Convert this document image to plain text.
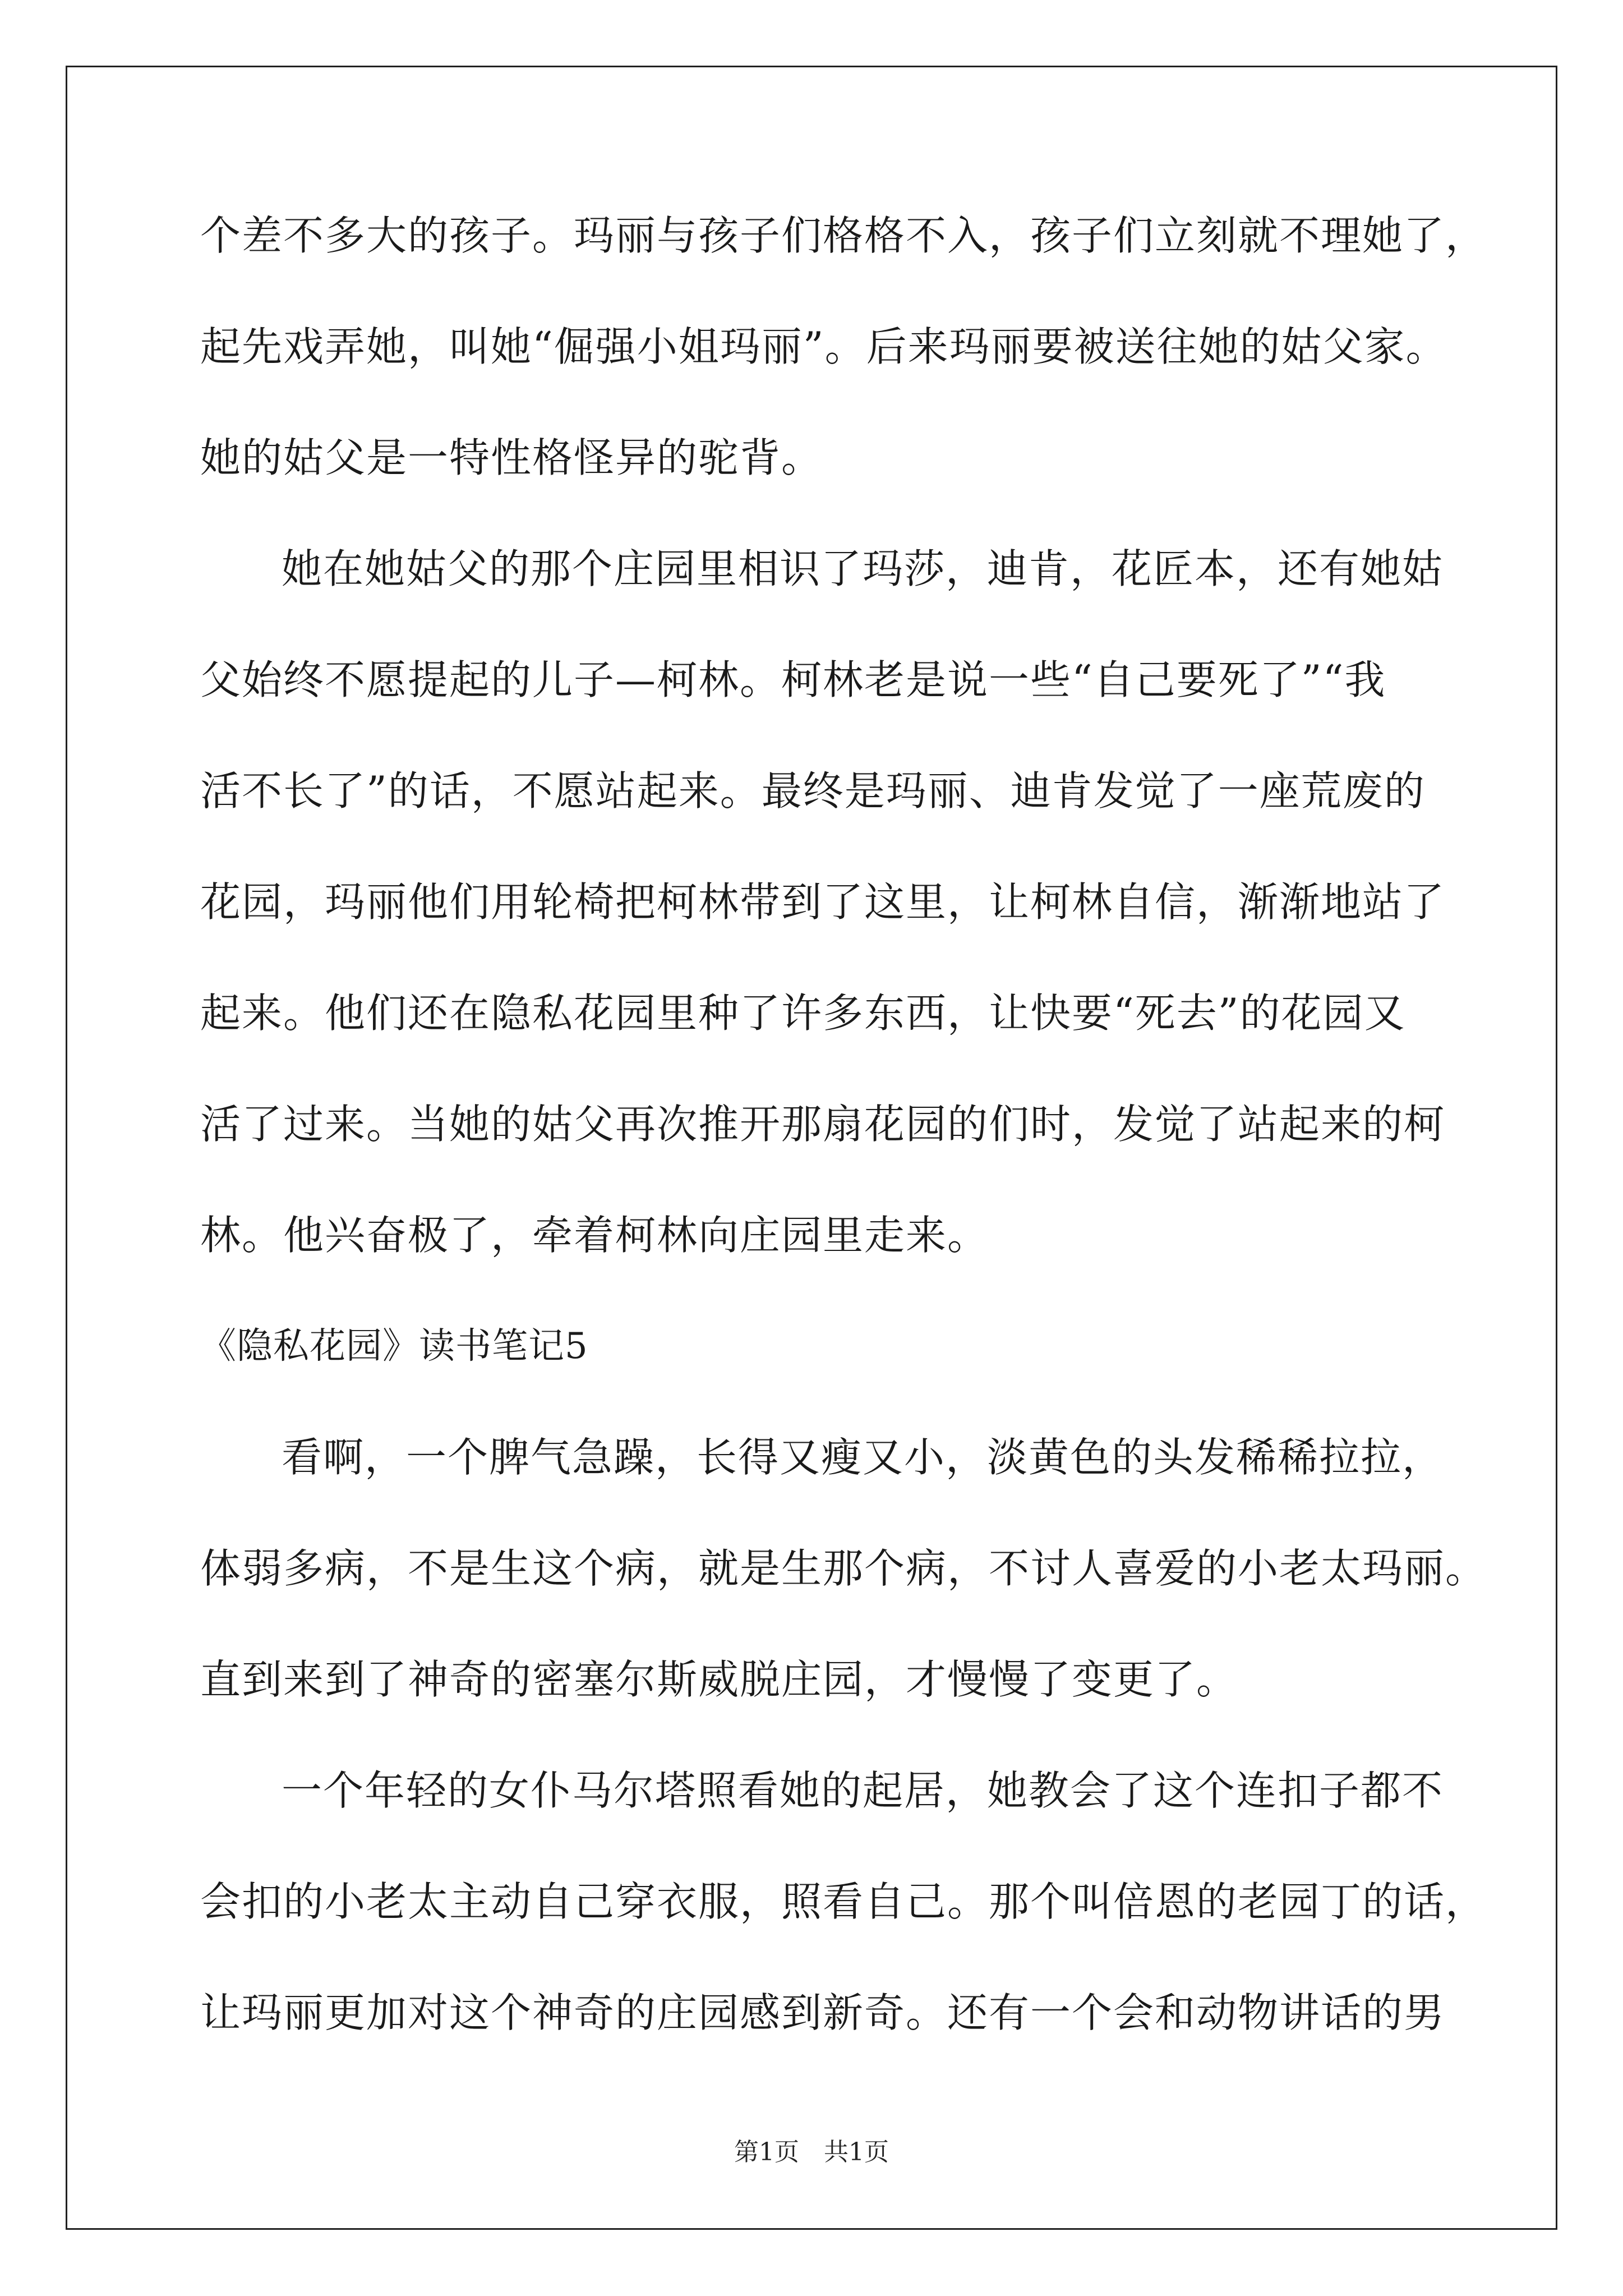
个差不多大的孩子。玛丽与孩子们格格不入，孩子们立刻就不理她了，
起先戏弄她，叫她“倔强小姐玛丽”。后来玛丽要被送往她的姑父家。
她的姑父是一特性格怪异的驼背。
她在她姑父的那个庄园里相识了玛莎，迪肯，花匠本，还有她姑
父始终不愿提起的儿子—柯林。柯林老是说一些“自己要死了”“我
活不长了”的话，不愿站起来。最终是玛丽、迪肯发觉了一座荒废的
花园，玛丽他们用轮椅把柯林带到了这里，让柯林自信，渐渐地站了
起来。他们还在隐私花园里种了许多东西，让快要“死去”的花园又
活了过来。当她的姑父再次推开那扇花园的们时，发觉了站起来的柯
林。他兴奋极了，牵着柯林向庄园里走来。
《隐私花园》读书笔记5
看啊，一个脾气急躁，长得又瘦又小，淡黄色的头发稀稀拉拉，
体弱多病，不是生这个病，就是生那个病，不讨人喜爱的小老太玛丽。
直到来到了神奇的密塞尔斯威脱庄园，才慢慢了变更了。
一个年轻的女仆马尔塔照看她的起居，她教会了这个连扣子都不
会扣的小老太主动自己穿衣服，照看自己。那个叫倍恩的老园丁的话，
让玛丽更加对这个神奇的庄园感到新奇。还有一个会和动物讲话的男
第1页　共1页
